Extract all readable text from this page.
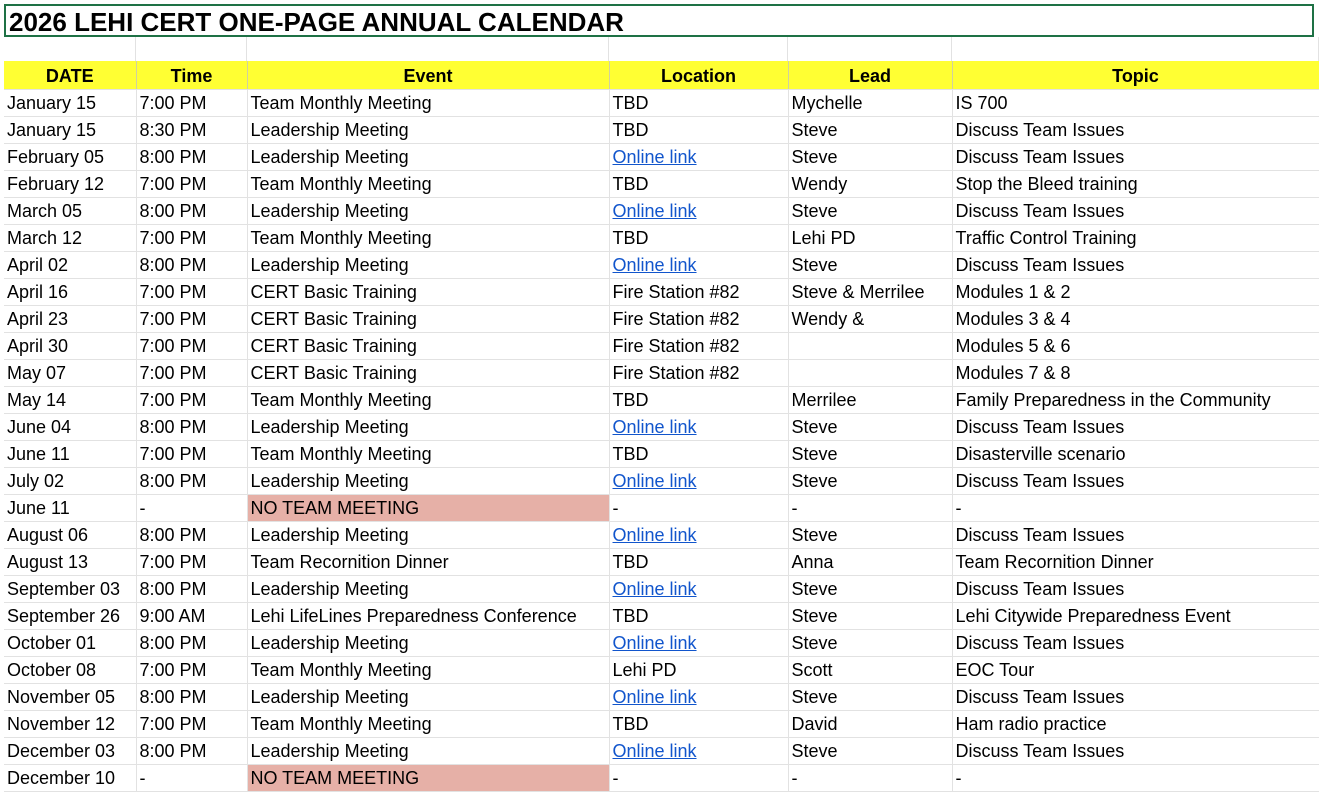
2026 LEHI CERT ONE-PAGE ANNUAL CALENDAR
DATE	Time	Event	Location	Lead	Topic
January 15	7:00 PM	Team Monthly Meeting	TBD	Mychelle	IS 700
January 15	8:30 PM	Leadership Meeting	TBD	Steve	Discuss Team Issues
February 05	8:00 PM	Leadership Meeting	Online link	Steve	Discuss Team Issues
February 12	7:00 PM	Team Monthly Meeting	TBD	Wendy	Stop the Bleed training
March 05	8:00 PM	Leadership Meeting	Online link	Steve	Discuss Team Issues
March 12	7:00 PM	Team Monthly Meeting	TBD	Lehi PD	Traffic Control Training
April 02	8:00 PM	Leadership Meeting	Online link	Steve	Discuss Team Issues
April 16	7:00 PM	CERT Basic Training	Fire Station #82	Steve & Merrilee	Modules 1 & 2
April 23	7:00 PM	CERT Basic Training	Fire Station #82	Wendy &	Modules 3 & 4
April 30	7:00 PM	CERT Basic Training	Fire Station #82		Modules 5 & 6
May 07	7:00 PM	CERT Basic Training	Fire Station #82		Modules 7 & 8
May 14	7:00 PM	Team Monthly Meeting	TBD	Merrilee	Family Preparedness in the Community
June 04	8:00 PM	Leadership Meeting	Online link	Steve	Discuss Team Issues
June 11	7:00 PM	Team Monthly Meeting	TBD	Steve	Disasterville scenario
July 02	8:00 PM	Leadership Meeting	Online link	Steve	Discuss Team Issues
June 11	-	NO TEAM MEETING	-	-	-
August 06	8:00 PM	Leadership Meeting	Online link	Steve	Discuss Team Issues
August 13	7:00 PM	Team Recornition Dinner	TBD	Anna	Team Recornition Dinner
September 03	8:00 PM	Leadership Meeting	Online link	Steve	Discuss Team Issues
September 26	9:00 AM	Lehi LifeLines Preparedness Conference	TBD	Steve	Lehi Citywide Preparedness Event
October 01	8:00 PM	Leadership Meeting	Online link	Steve	Discuss Team Issues
October 08	7:00 PM	Team Monthly Meeting	Lehi PD	Scott	EOC Tour
November 05	8:00 PM	Leadership Meeting	Online link	Steve	Discuss Team Issues
November 12	7:00 PM	Team Monthly Meeting	TBD	David	Ham radio practice
December 03	8:00 PM	Leadership Meeting	Online link	Steve	Discuss Team Issues
December 10	-	NO TEAM MEETING	-	-	-
